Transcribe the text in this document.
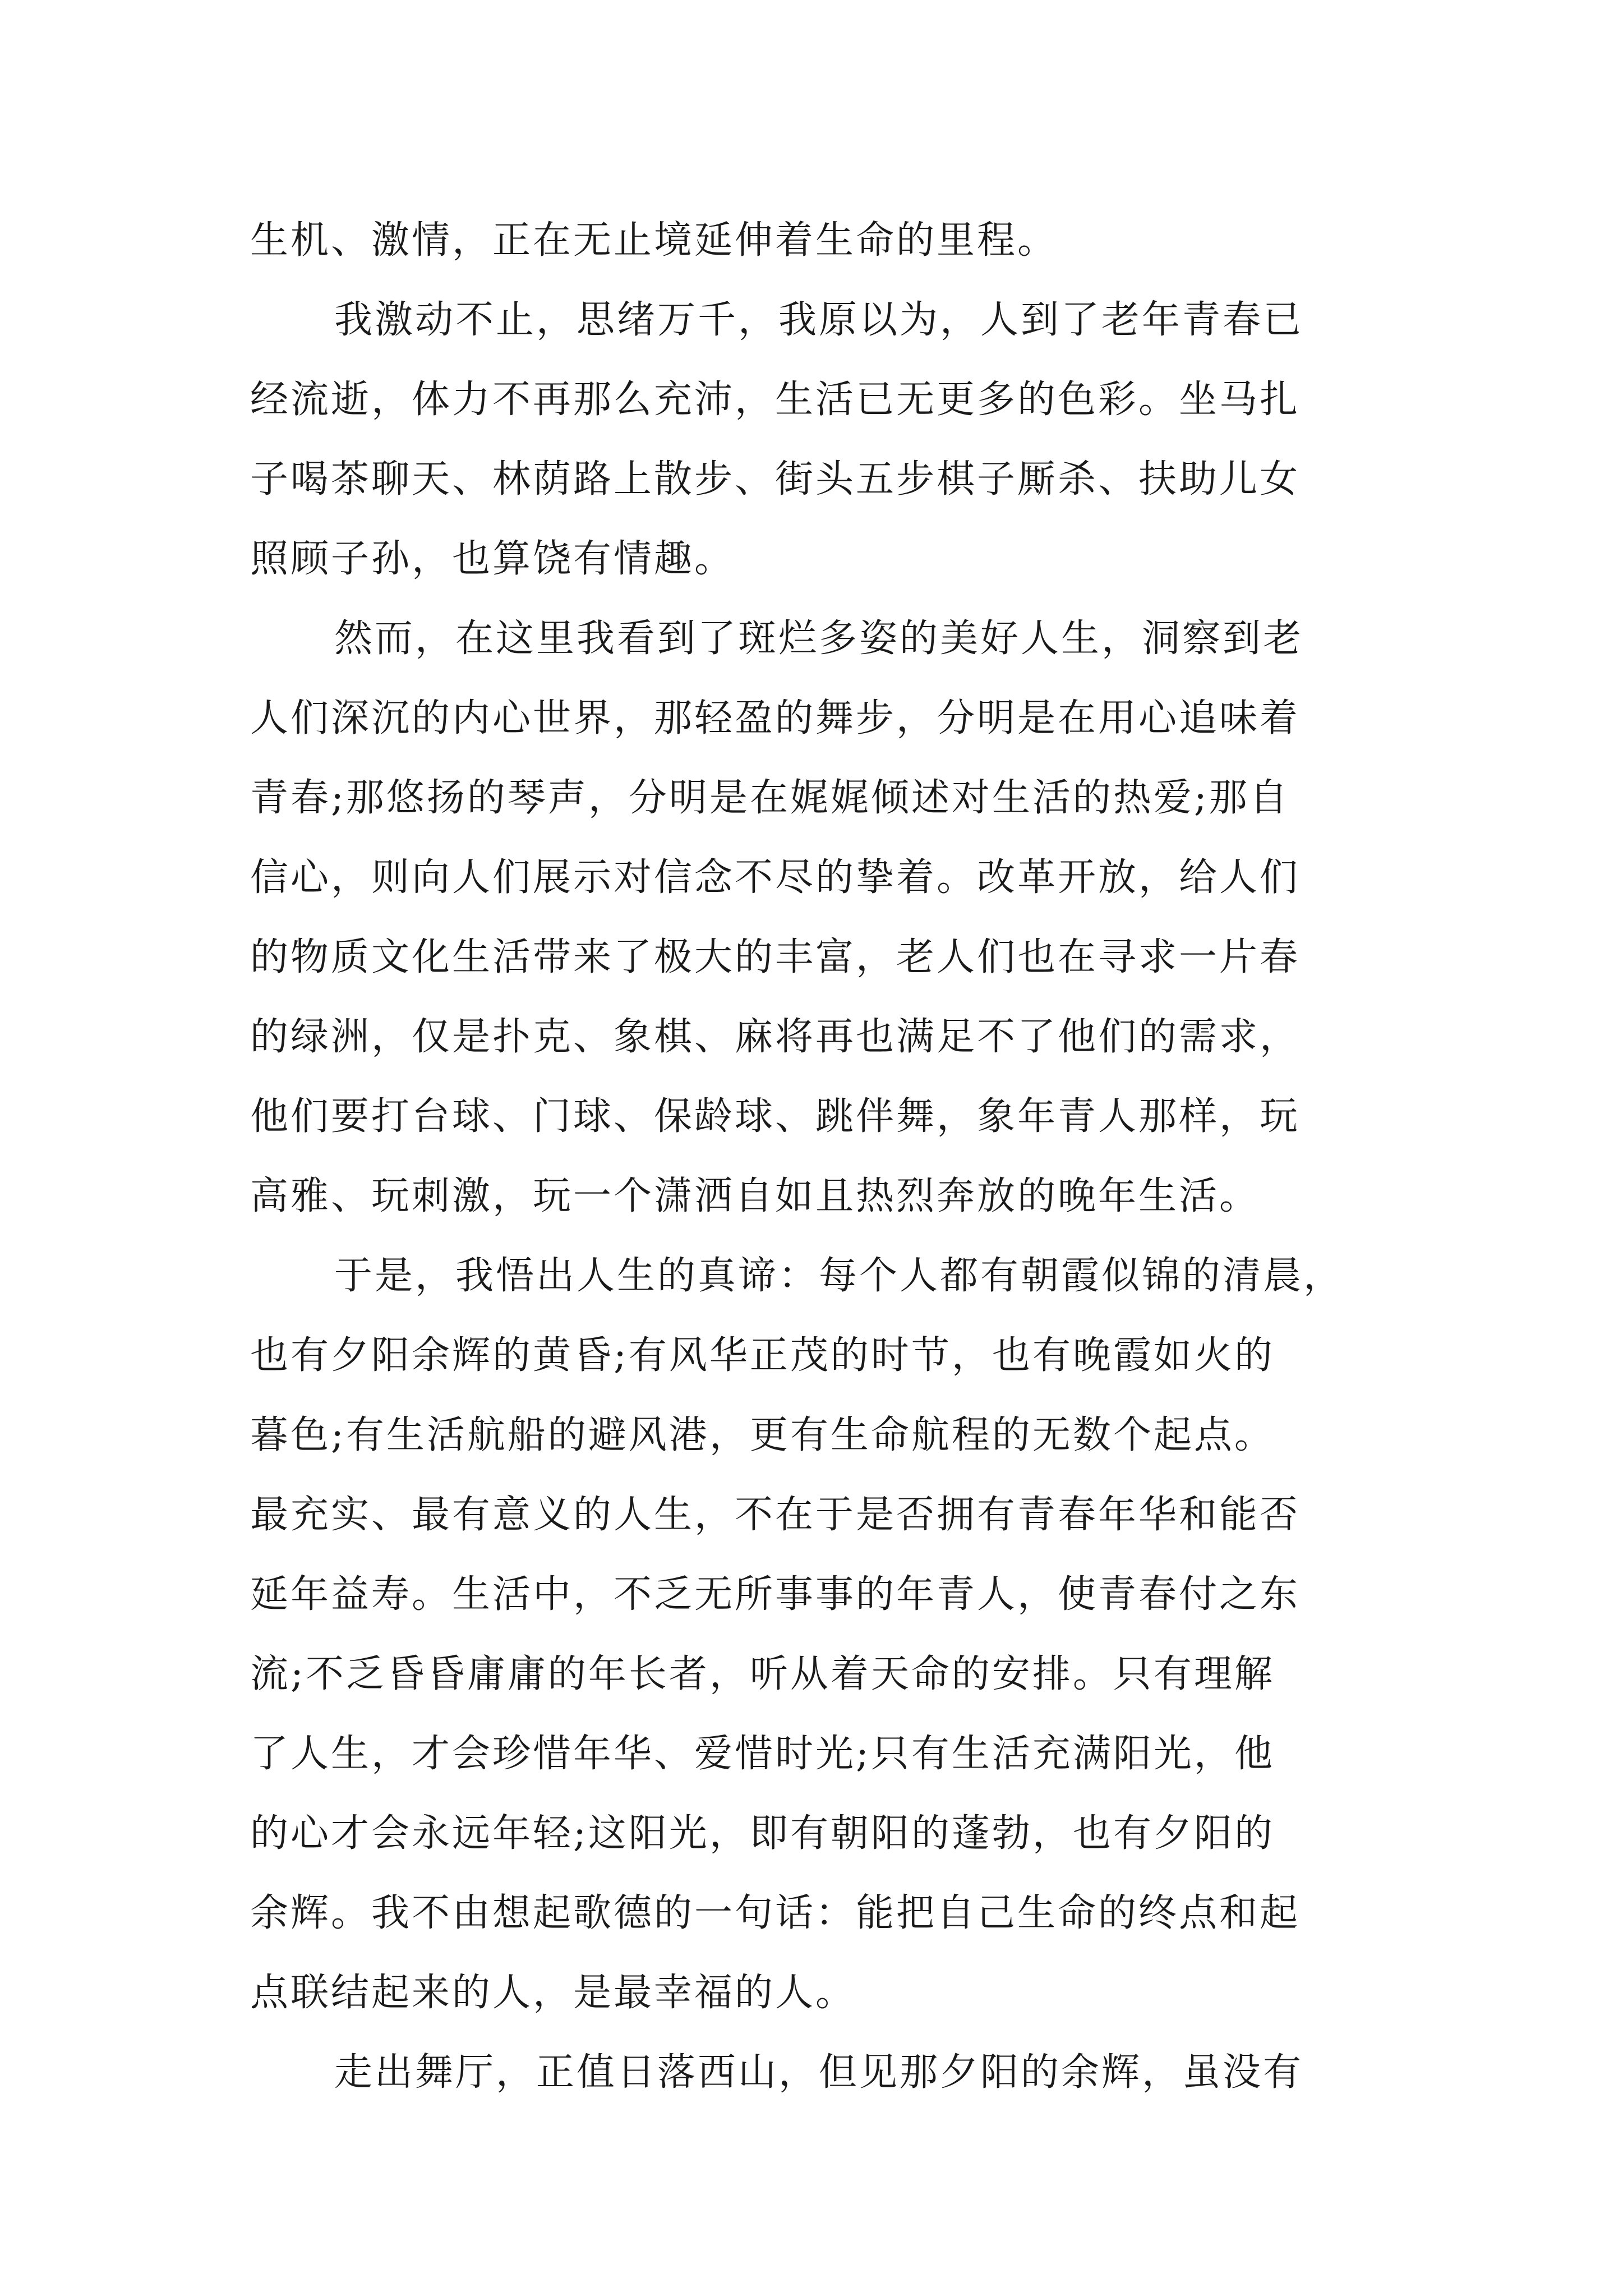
生机、激情，正在无止境延伸着生命的里程。
我激动不止，思绪万千，我原以为，人到了老年青春已
经流逝，体力不再那么充沛，生活已无更多的色彩。坐马扎
子喝茶聊天、林荫路上散步、街头五步棋子厮杀、扶助儿女
照顾子孙，也算饶有情趣。
然而，在这里我看到了斑烂多姿的美好人生，洞察到老
人们深沉的内心世界，那轻盈的舞步，分明是在用心追味着
青春;那悠扬的琴声，分明是在娓娓倾述对生活的热爱;那自
信心，则向人们展示对信念不尽的挚着。改革开放，给人们
的物质文化生活带来了极大的丰富，老人们也在寻求一片春
的绿洲，仅是扑克、象棋、麻将再也满足不了他们的需求，
他们要打台球、门球、保龄球、跳伴舞，象年青人那样，玩
高雅、玩刺激，玩一个潇洒自如且热烈奔放的晚年生活。
于是，我悟出人生的真谛：每个人都有朝霞似锦的清晨，
也有夕阳余辉的黄昏;有风华正茂的时节，也有晚霞如火的
暮色;有生活航船的避风港，更有生命航程的无数个起点。
最充实、最有意义的人生，不在于是否拥有青春年华和能否
延年益寿。生活中，不乏无所事事的年青人，使青春付之东
流;不乏昏昏庸庸的年长者，听从着天命的安排。只有理解
了人生，才会珍惜年华、爱惜时光;只有生活充满阳光，他
的心才会永远年轻;这阳光，即有朝阳的蓬勃，也有夕阳的
余辉。我不由想起歌德的一句话：能把自己生命的终点和起
点联结起来的人，是最幸福的人。
走出舞厅，正值日落西山，但见那夕阳的余辉，虽没有
